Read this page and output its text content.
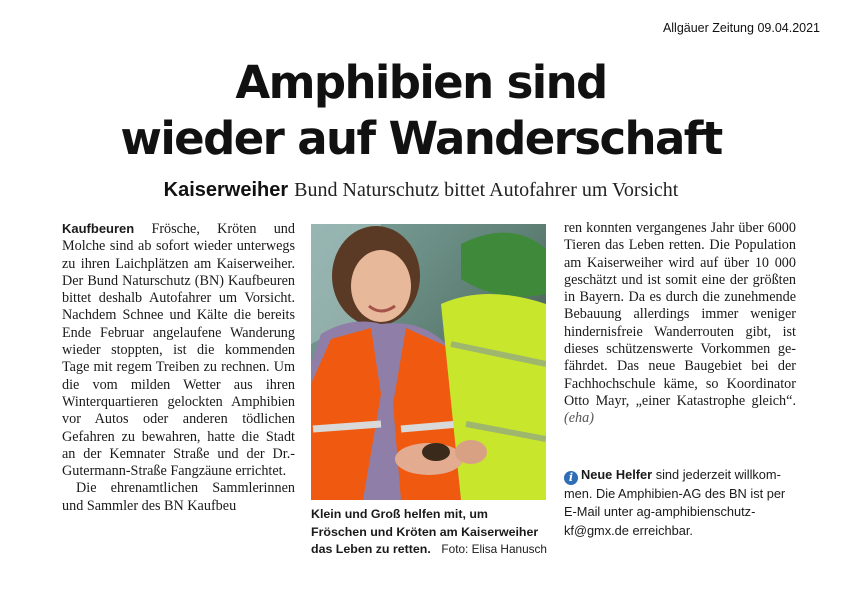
Allgäuer Zeitung 09.04.2021
Amphibien sind
wieder auf Wanderschaft
Kaiserweiher Bund Naturschutz bittet Autofahrer um Vorsicht

Kaufbeuren Frösche, Kröten und Molche sind ab sofort wieder unterwegs zu ihren Laichplätzen am Kaiserweiher. Der Bund Naturschutz (BN) Kaufbeuren bittet deshalb Autofahrer um Vorsicht. Nachdem Schnee und Kälte die bereits Ende Februar angelaufene Wanderung wieder stoppten, ist die kommenden Tage mit regem Treiben zu rechnen. Um die vom milden Wetter aus ihren Winterquartieren gelockten Amphibien vor Autos oder anderen tödlichen Gefahren zu bewahren, hatte die Stadt an der Kemnater Straße und der Dr.-Gutermann-Straße Fangzäune errichtet.

Die ehrenamtlichen Sammlerinnen und Sammler des BN Kaufbeu

Klein und Groß helfen mit, um Fröschen und Kröten am Kaiserweiher das Leben zu retten. Foto: Elisa Hanusch

ren konnten vergangenes Jahr über 6000 Tieren das Leben retten. Die Population am Kaiserweiher wird auf über 10 000 geschätzt und ist somit eine der größten in Bayern. Da es durch die zunehmende Bebauung allerdings immer weniger hindernisfreie Wanderrouten gibt, ist dieses schützenswerte Vorkommen gefährdet. Das neue Baugebiet bei der Fachhochschule käme, so Koordinator Otto Mayr, „einer Katastrophe gleich“. (eha)

i Neue Helfer sind jederzeit willkommen. Die Amphibien-AG des BN ist per E-Mail unter ag-amphibienschutz-kf@gmx.de erreichbar.
